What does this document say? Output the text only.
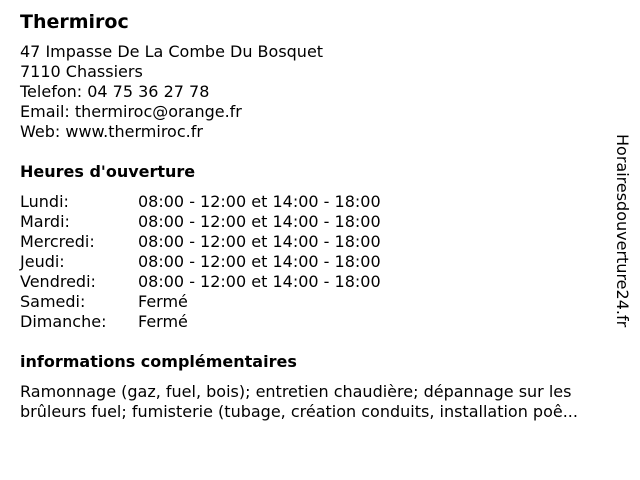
Thermiroc
47 Impasse De La Combe Du Bosquet
7110 Chassiers
Telefon: 04 75 36 27 78
Email: thermiroc@orange.fr
Web: www.thermiroc.fr
Heures d'ouverture
Lundi:	08:00 - 12:00 et 14:00 - 18:00
Mardi:	08:00 - 12:00 et 14:00 - 18:00
Mercredi:	08:00 - 12:00 et 14:00 - 18:00
Jeudi:	08:00 - 12:00 et 14:00 - 18:00
Vendredi:	08:00 - 12:00 et 14:00 - 18:00
Samedi:	Fermé
Dimanche: Fermé
informations complémentaires
Ramonnage (gaz, fuel, bois); entretien chaudière; dépannage sur les
brûleurs fuel; fumisterie (tubage, création conduits, installation poê...
Horairesdouverture24.fr
